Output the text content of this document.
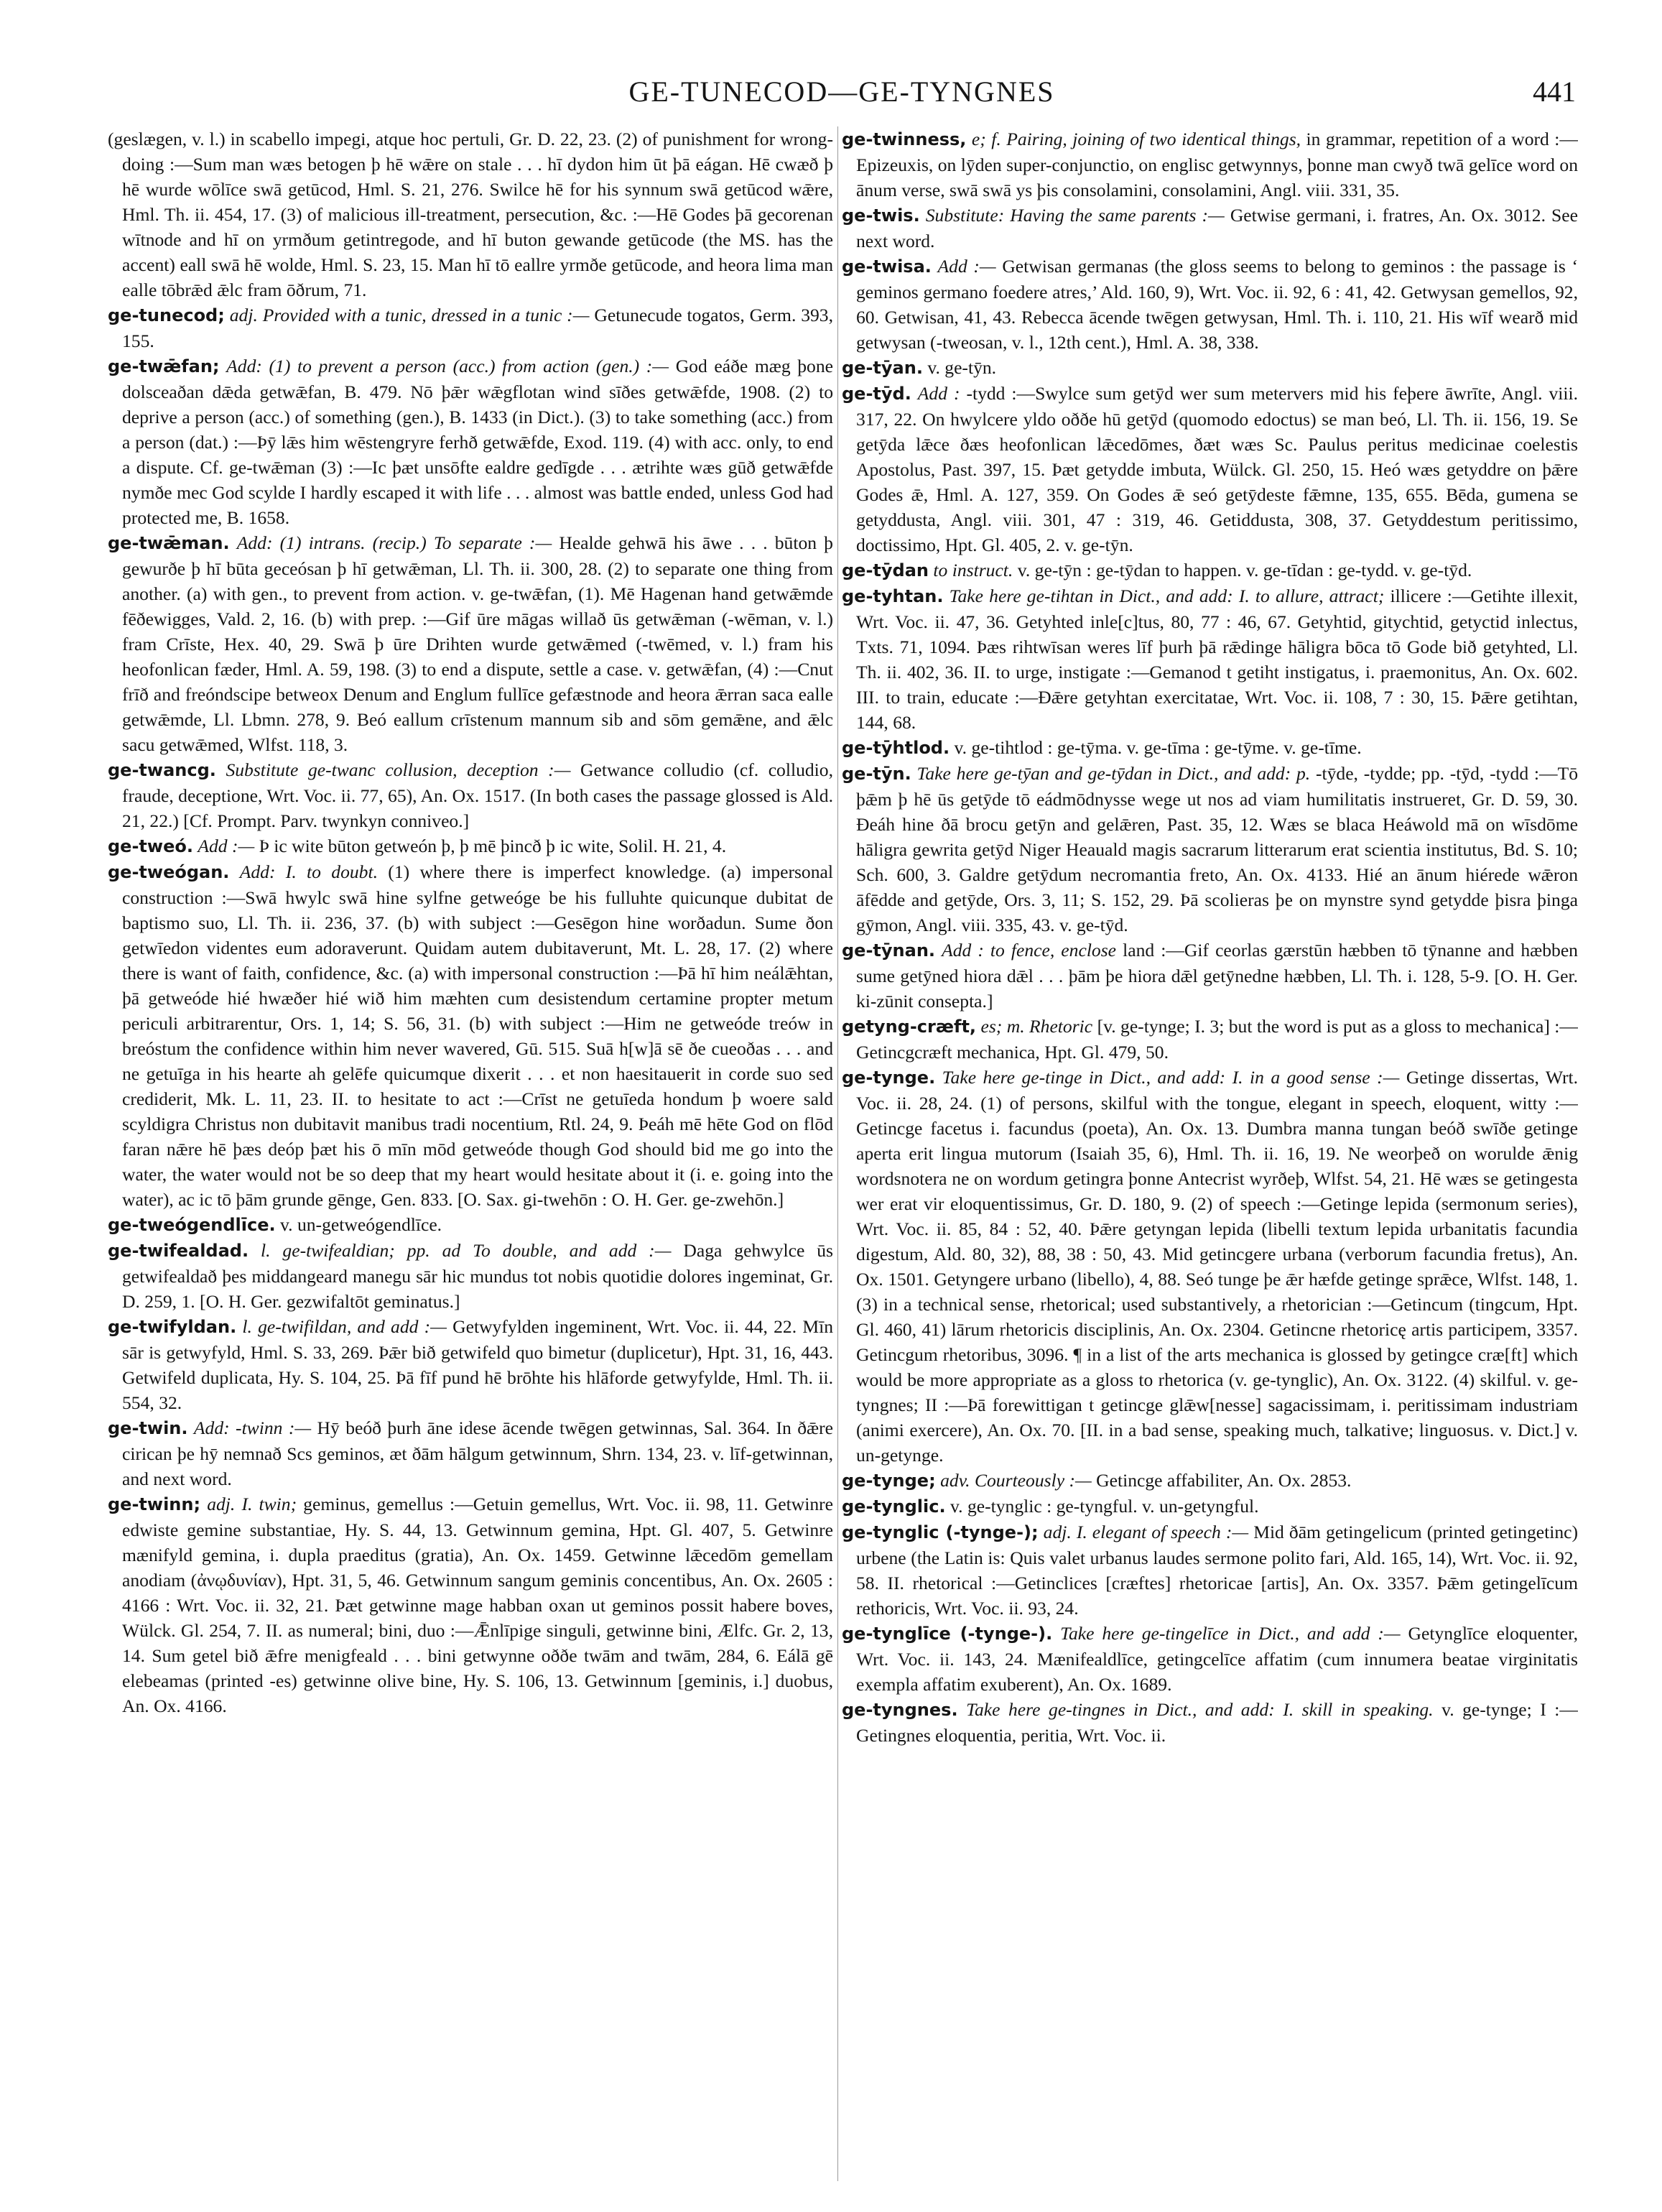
GE-TUNECOD—GE-TYNGNES	441

(geslægen, v. l.) in scabello impegi, atque hoc pertuli, Gr. D. 22, 23. (2) of punishment for wrong-doing :—Sum man wæs betogen þ hē wǣre on stale . . . hī dydon him ūt þā eágan. Hē cwæð þ hē wurde wōlīce swā getūcod, Hml. S. 21, 276. Swilce hē for his synnum swā getūcod wǣre, Hml. Th. ii. 454, 17. (3) of malicious ill-treatment, persecution, &c. :—Hē Godes þā gecorenan wītnode and hī on yrmðum getintregode, and hī buton gewande getūcode (the MS. has the accent) eall swā hē wolde, Hml. S. 23, 15. Man hī tō eallre yrmðe getūcode, and heora lima man ealle tōbrǣd ǣlc fram ōðrum, 71.

ge-tunecod; adj. Provided with a tunic, dressed in a tunic :— Getunecude togatos, Germ. 393, 155.

ge-twǣfan; Add: (1) to prevent a person (acc.) from action (gen.) :— God eáðe mæg þone dolsceaðan dǣda getwǣfan, B. 479. Nō þǣr wǣgflotan wind sīðes getwǣfde, 1908. (2) to deprive a person (acc.) of something (gen.), B. 1433 (in Dict.). (3) to take something (acc.) from a person (dat.) :—Þȳ lǣs him wēstengryre ferhð getwǣfde, Exod. 119. (4) with acc. only, to end a dispute. Cf. ge-twǣman (3) :—Ic þæt unsōfte ealdre gedīgde . . . ætrihte wæs gūð getwǣfde nymðe mec God scylde I hardly escaped it with life . . . almost was battle ended, unless God had protected me, B. 1658.

ge-twǣman. Add: (1) intrans. (recip.) To separate :— Healde gehwā his āwe . . . būton þ gewurðe þ hī būta geceósan þ hī getwǣman, Ll. Th. ii. 300, 28. (2) to separate one thing from another. (a) with gen., to prevent from action. v. ge-twǣfan, (1). Mē Hagenan hand getwǣmde fēðewigges, Vald. 2, 16. (b) with prep. :—Gif ūre māgas willað ūs getwǣman (-wēman, v. l.) fram Crīste, Hex. 40, 29. Swā þ ūre Drihten wurde getwǣmed (-twēmed, v. l.) fram his heofonlican fæder, Hml. A. 59, 198. (3) to end a dispute, settle a case. v. getwǣfan, (4) :—Cnut frīð and freóndscipe betweox Denum and Englum fullīce gefæstnode and heora ǣrran saca ealle getwǣmde, Ll. Lbmn. 278, 9. Beó eallum crīstenum mannum sib and sōm gemǣne, and ǣlc sacu getwǣmed, Wlfst. 118, 3.

ge-twancg. Substitute ge-twanc collusion, deception :— Getwance colludio (cf. colludio, fraude, deceptione, Wrt. Voc. ii. 77, 65), An. Ox. 1517. (In both cases the passage glossed is Ald. 21, 22.) [Cf. Prompt. Parv. twynkyn conniveo.]

ge-tweó. Add :— Þ ic wite būton getweón þ, þ mē þincð þ ic wite, Solil. H. 21, 4.

ge-tweógan. Add: I. to doubt. (1) where there is imperfect knowledge. (a) impersonal construction :—Swā hwylc swā hine sylfne getweóge be his fulluhte quicunque dubitat de baptismo suo, Ll. Th. ii. 236, 37. (b) with subject :—Gesēgon hine worðadun. Sume ðon getwīedon videntes eum adoraverunt. Quidam autem dubitaverunt, Mt. L. 28, 17. (2) where there is want of faith, confidence, &c. (a) with impersonal construction :—Þā hī him neálǣhtan, þā getweóde hié hwæðer hié wið him mæhten cum desistendum certamine propter metum periculi arbitrarentur, Ors. 1, 14; S. 56, 31. (b) with subject :—Him ne getweóde treów in breóstum the confidence within him never wavered, Gū. 515. Suā h[w]ā sē ðe cueoðas . . . and ne getuīga in his hearte ah gelēfe quicumque dixerit . . . et non haesitauerit in corde suo sed crediderit, Mk. L. 11, 23. II. to hesitate to act :—Crīst ne getuīeda hondum þ woere sald scyldigra Christus non dubitavit manibus tradi nocentium, Rtl. 24, 9. Þeáh mē hēte God on flōd faran nǣre hē þæs deóp þæt his ō mīn mōd getweóde though God should bid me go into the water, the water would not be so deep that my heart would hesitate about it (i. e. going into the water), ac ic tō þām grunde gēnge, Gen. 833. [O. Sax. gi-twehōn : O. H. Ger. ge-zwehōn.]

ge-tweógendlīce. v. un-getweógendlīce.

ge-twifealdad. l. ge-twifealdian; pp. ad To double, and add :— Daga gehwylce ūs getwifealdað þes middangeard manegu sār hic mundus tot nobis quotidie dolores ingeminat, Gr. D. 259, 1. [O. H. Ger. gezwifaltōt geminatus.]

ge-twifyldan. l. ge-twifildan, and add :— Getwyfylden ingeminent, Wrt. Voc. ii. 44, 22. Mīn sār is getwyfyld, Hml. S. 33, 269. Þǣr bið getwifeld quo bimetur (duplicetur), Hpt. 31, 16, 443. Getwifeld duplicata, Hy. S. 104, 25. Þā fīf pund hē brōhte his hlāforde getwyfylde, Hml. Th. ii. 554, 32.

ge-twin. Add: -twinn :— Hȳ beóð þurh āne idese ācende twēgen getwinnas, Sal. 364. In ðǣre cirican þe hȳ nemnað Scs geminos, æt ðām hālgum getwinnum, Shrn. 134, 23. v. līf-getwinnan, and next word.

ge-twinn; adj. I. twin; geminus, gemellus :—Getuin gemellus, Wrt. Voc. ii. 98, 11. Getwinre edwiste gemine substantiae, Hy. S. 44, 13. Getwinnum gemina, Hpt. Gl. 407, 5. Getwinre mænifyld gemina, i. dupla praeditus (gratia), An. Ox. 1459. Getwinne lǣcedōm gemellam anodiam (ἀνῳδυνίαν), Hpt. 31, 5, 46. Getwinnum sangum geminis concentibus, An. Ox. 2605 : 4166 : Wrt. Voc. ii. 32, 21. Þæt getwinne mage habban oxan ut geminos possit habere boves, Wülck. Gl. 254, 7. II. as numeral; bini, duo :—Ǣnlīpige singuli, getwinne bini, Ælfc. Gr. 2, 13, 14. Sum getel bið ǣfre menigfeald . . . bini getwynne oððe twām and twām, 284, 6. Eálā gē elebeamas (printed -es) getwinne olive bine, Hy. S. 106, 13. Getwinnum [geminis, i.] duobus, An. Ox. 4166.

ge-twinness, e; f. Pairing, joining of two identical things, in grammar, repetition of a word :—Epizeuxis, on lȳden super-conjunctio, on englisc getwynnys, þonne man cwyð twā gelīce word on ānum verse, swā swā ys þis consolamini, consolamini, Angl. viii. 331, 35.

ge-twis. Substitute: Having the same parents :— Getwise germani, i. fratres, An. Ox. 3012. See next word.

ge-twisa. Add :— Getwisan germanas (the gloss seems to belong to geminos : the passage is ‘ geminos germano foedere atres,’ Ald. 160, 9), Wrt. Voc. ii. 92, 6 : 41, 42. Getwysan gemellos, 92, 60. Getwisan, 41, 43. Rebecca ācende twēgen getwysan, Hml. Th. i. 110, 21. His wīf wearð mid getwysan (-tweosan, v. l., 12th cent.), Hml. A. 38, 338.

ge-tȳan. v. ge-tȳn.

ge-tȳd. Add : -tydd :—Swylce sum getȳd wer sum metervers mid his feþere āwrīte, Angl. viii. 317, 22. On hwylcere yldo oððe hū getȳd (quomodo edoctus) se man beó, Ll. Th. ii. 156, 19. Se getȳda lǣce ðæs heofonlican lǣcedōmes, ðæt wæs Sc. Paulus peritus medicinae coelestis Apostolus, Past. 397, 15. Þæt getydde imbuta, Wülck. Gl. 250, 15. Heó wæs getyddre on þǣre Godes ǣ, Hml. A. 127, 359. On Godes ǣ seó getȳdeste fǣmne, 135, 655. Bēda, gumena se getyddusta, Angl. viii. 301, 47 : 319, 46. Getiddusta, 308, 37. Getyddestum peritissimo, doctissimo, Hpt. Gl. 405, 2. v. ge-tȳn.

ge-tȳdan to instruct. v. ge-tȳn : ge-tȳdan to happen. v. ge-tīdan : ge-tydd. v. ge-tȳd.

ge-tyhtan. Take here ge-tihtan in Dict., and add: I. to allure, attract; illicere :—Getihte illexit, Wrt. Voc. ii. 47, 36. Getyhted inle[c]tus, 80, 77 : 46, 67. Getyhtid, gitychtid, getyctid inlectus, Txts. 71, 1094. Þæs rihtwīsan weres līf þurh þā rǣdinge hāligra bōca tō Gode bið getyhted, Ll. Th. ii. 402, 36. II. to urge, instigate :—Gemanod t getiht instigatus, i. praemonitus, An. Ox. 602. III. to train, educate :—Ðǣre getyhtan exercitatae, Wrt. Voc. ii. 108, 7 : 30, 15. Þǣre getihtan, 144, 68.

ge-tȳhtlod. v. ge-tihtlod : ge-tȳma. v. ge-tīma : ge-tȳme. v. ge-tīme.

ge-tȳn. Take here ge-tȳan and ge-tȳdan in Dict., and add: p. -tȳde, -tydde; pp. -tȳd, -tydd :—Tō þǣm þ hē ūs getȳde tō eádmōdnysse wege ut nos ad viam humilitatis instrueret, Gr. D. 59, 30. Ðeáh hine ðā brocu getȳn and gelǣren, Past. 35, 12. Wæs se blaca Heáwold mā on wīsdōme hāligra gewrita getȳd Niger Heauald magis sacrarum litterarum erat scientia institutus, Bd. S. 10; Sch. 600, 3. Galdre getȳdum necromantia freto, An. Ox. 4133. Hié an ānum hiérede wǣron āfēdde and getȳde, Ors. 3, 11; S. 152, 29. Þā scolieras þe on mynstre synd getydde þisra þinga gȳmon, Angl. viii. 335, 43. v. ge-tȳd.

ge-tȳnan. Add : to fence, enclose land :—Gif ceorlas gærstūn hæbben tō tȳnanne and hæbben sume getȳned hiora dǣl . . . þām þe hiora dǣl getȳnedne hæbben, Ll. Th. i. 128, 5-9. [O. H. Ger. ki-zūnit consepta.]

getyng-cræft, es; m. Rhetoric [v. ge-tynge; I. 3; but the word is put as a gloss to mechanica] :—Getincgcræft mechanica, Hpt. Gl. 479, 50.

ge-tynge. Take here ge-tinge in Dict., and add: I. in a good sense :— Getinge dissertas, Wrt. Voc. ii. 28, 24. (1) of persons, skilful with the tongue, elegant in speech, eloquent, witty :—Getincge facetus i. facundus (poeta), An. Ox. 13. Dumbra manna tungan beóð swīðe getinge aperta erit lingua mutorum (Isaiah 35, 6), Hml. Th. ii. 16, 19. Ne weorþeð on worulde ǣnig wordsnotera ne on wordum getingra þonne Antecrist wyrðeþ, Wlfst. 54, 21. Hē wæs se getingesta wer erat vir eloquentissimus, Gr. D. 180, 9. (2) of speech :—Getinge lepida (sermonum series), Wrt. Voc. ii. 85, 84 : 52, 40. Þǣre getyngan lepida (libelli textum lepida urbanitatis facundia digestum, Ald. 80, 32), 88, 38 : 50, 43. Mid getincgere urbana (verborum facundia fretus), An. Ox. 1501. Getyngere urbano (libello), 4, 88. Seó tunge þe ǣr hæfde getinge sprǣce, Wlfst. 148, 1. (3) in a technical sense, rhetorical; used substantively, a rhetorician :—Getincum (tingcum, Hpt. Gl. 460, 41) lārum rhetoricis disciplinis, An. Ox. 2304. Getincne rhetoricę artis participem, 3357. Getincgum rhetoribus, 3096. ¶ in a list of the arts mechanica is glossed by getingce cræ[ft] which would be more appropriate as a gloss to rhetorica (v. ge-tynglic), An. Ox. 3122. (4) skilful. v. ge-tyngnes; II :—Þā forewittigan t getincge glǣw[nesse] sagacissimam, i. peritissimam industriam (animi exercere), An. Ox. 70. [II. in a bad sense, speaking much, talkative; linguosus. v. Dict.] v. un-getynge.

ge-tynge; adv. Courteously :— Getincge affabiliter, An. Ox. 2853.

ge-tynglic. v. ge-tynglic : ge-tyngful. v. un-getyngful.

ge-tynglic (-tynge-); adj. I. elegant of speech :— Mid ðām getingelicum (printed getingetinc) urbene (the Latin is: Quis valet urbanus laudes sermone polito fari, Ald. 165, 14), Wrt. Voc. ii. 92, 58. II. rhetorical :—Getinclices [cræftes] rhetoricae [artis], An. Ox. 3357. Þǣm getingelīcum rethoricis, Wrt. Voc. ii. 93, 24.

ge-tynglīce (-tynge-). Take here ge-tingelīce in Dict., and add :— Getynglīce eloquenter, Wrt. Voc. ii. 143, 24. Mænifealdlīce, getingcelīce affatim (cum innumera beatae virginitatis exempla affatim exuberent), An. Ox. 1689.

ge-tyngnes. Take here ge-tingnes in Dict., and add: I. skill in speaking. v. ge-tynge; I :—Getingnes eloquentia, peritia, Wrt. Voc. ii.
